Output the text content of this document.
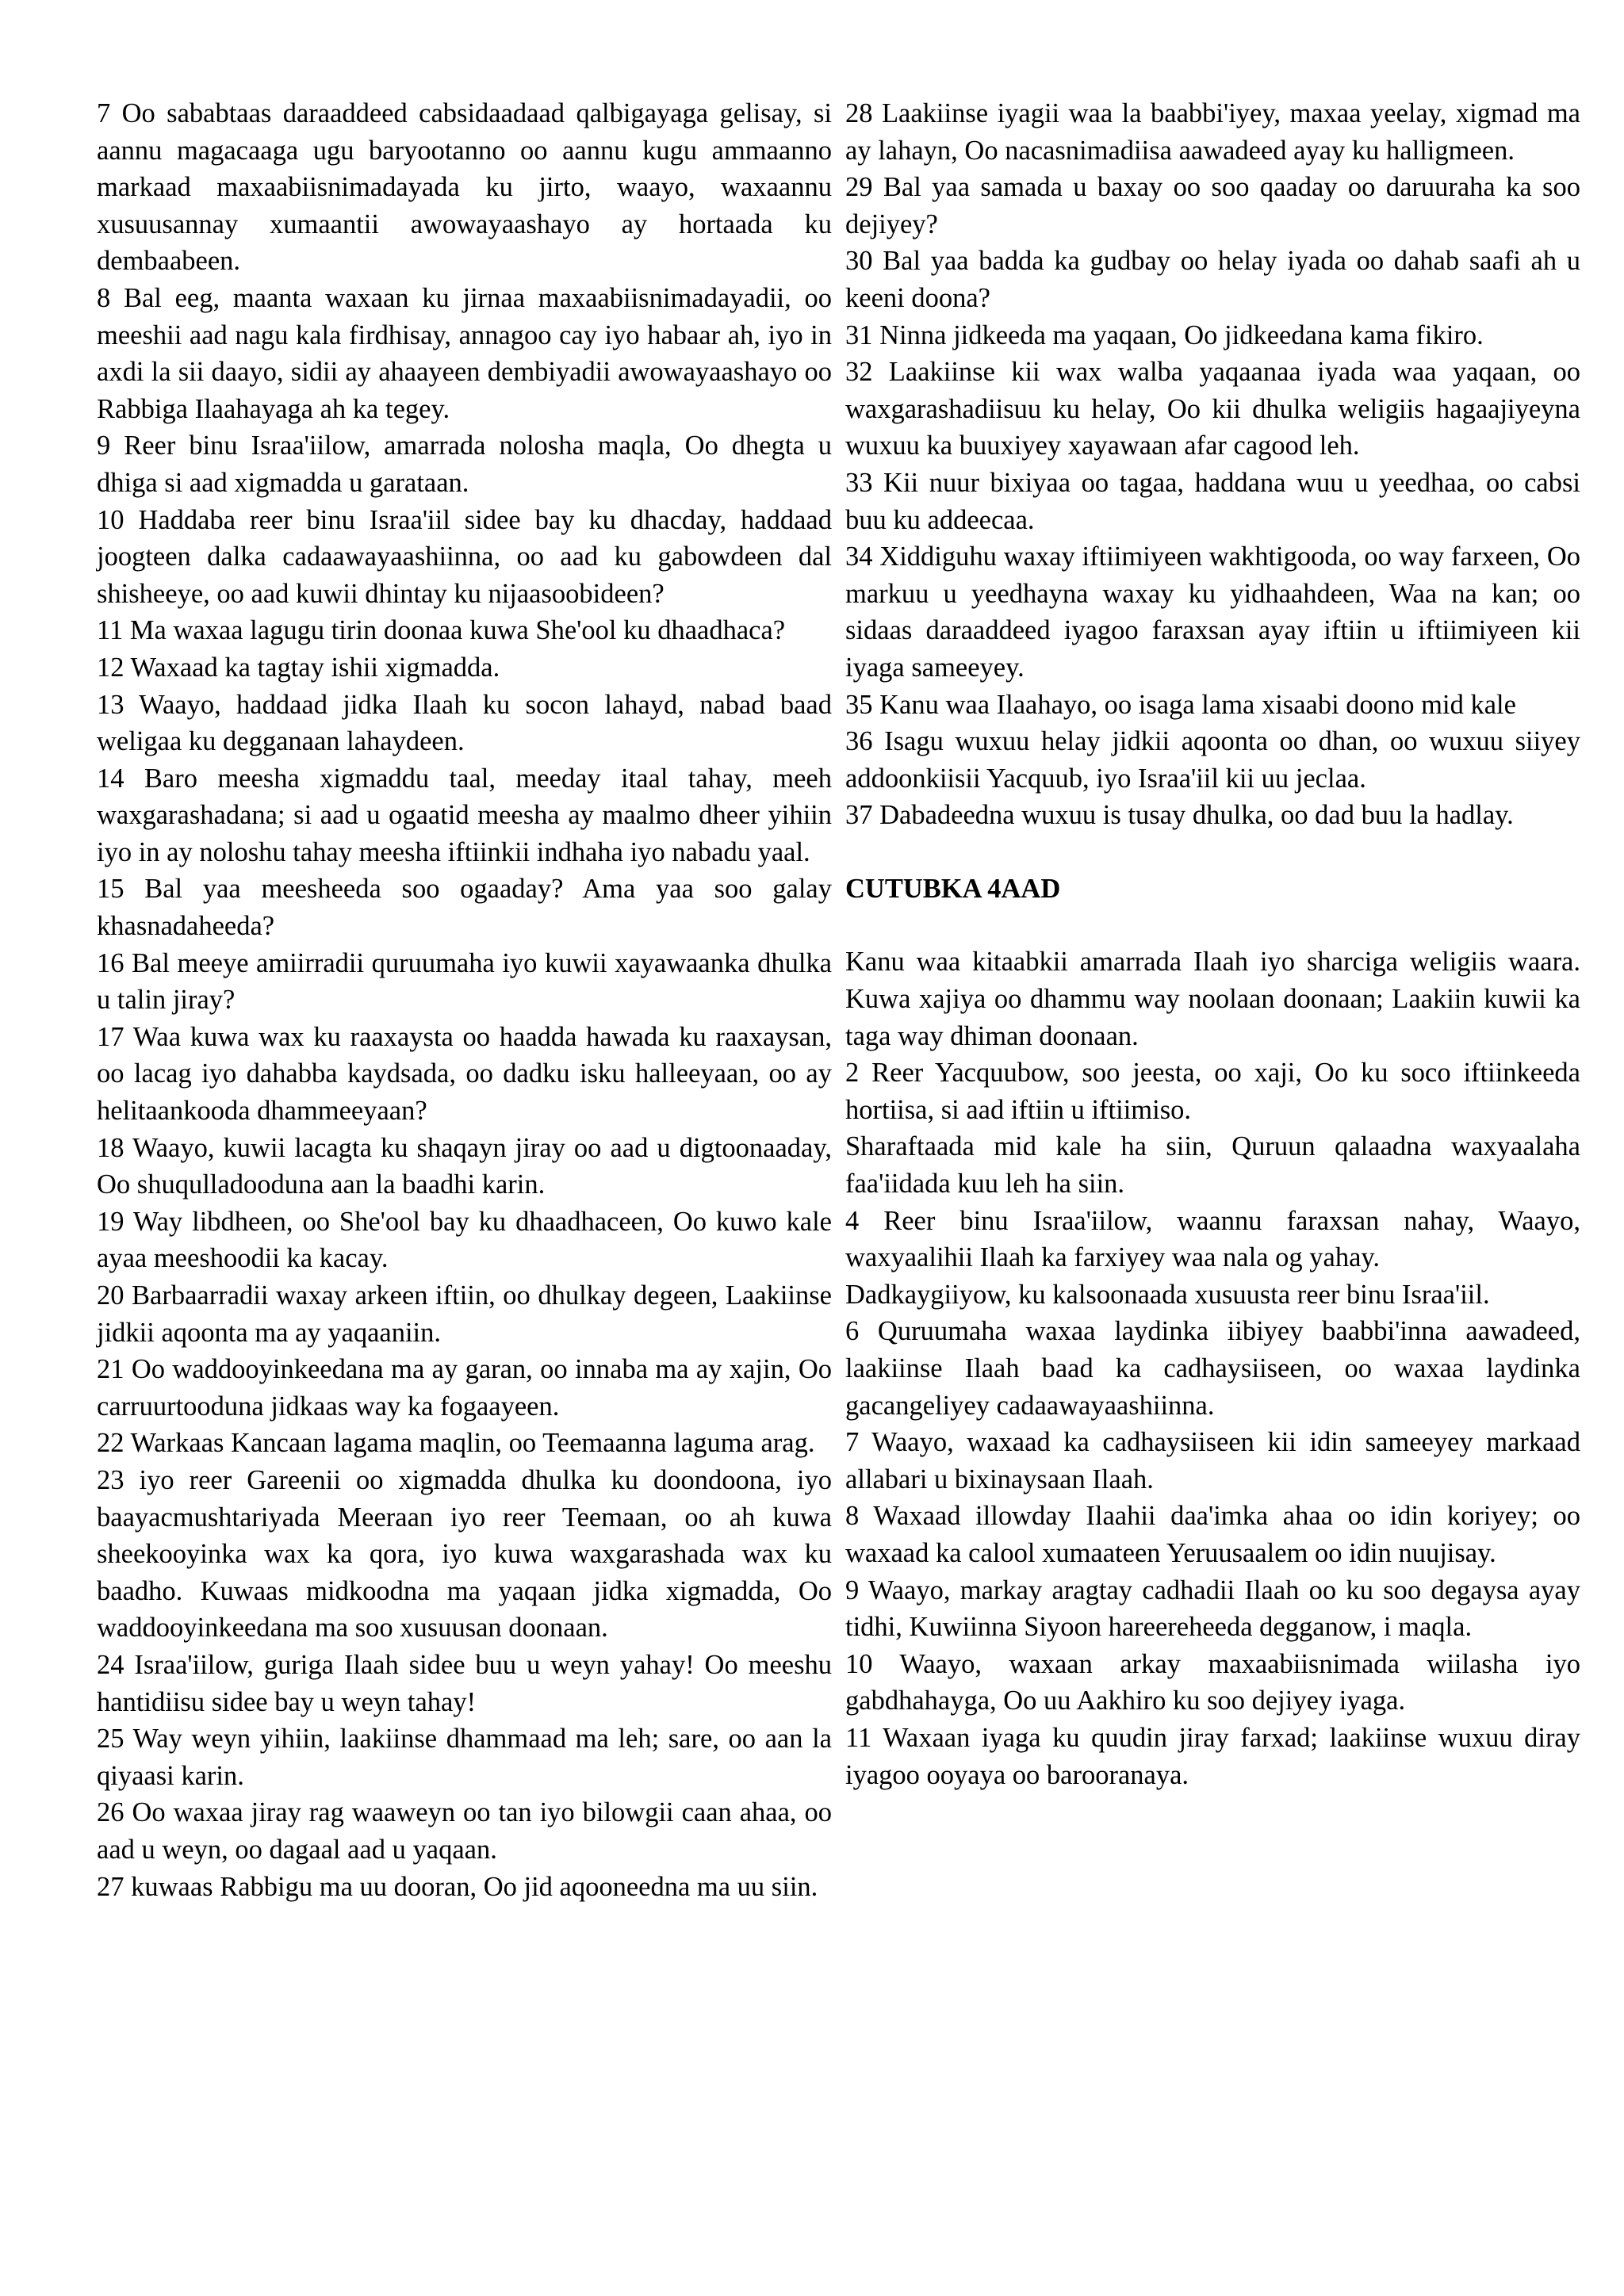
7 Oo sababtaas daraaddeed cabsidaadaad qalbigayaga gelisay, si aannu magacaaga ugu baryootanno oo aannu kugu ammaanno markaad maxaabiisnimadayada ku jirto, waayo, waxaannu xusuusannay xumaantii awowayaashayo ay hortaada ku dembaabeen.

8 Bal eeg, maanta waxaan ku jirnaa maxaabiisnimadayadii, oo meeshii aad nagu kala firdhisay, annagoo cay iyo habaar ah, iyo in axdi la sii daayo, sidii ay ahaayeen dembiyadii awowayaashayo oo Rabbiga Ilaahayaga ah ka tegey.

9 Reer binu Israa'iilow, amarrada nolosha maqla, Oo dhegta u dhiga si aad xigmadda u garataan.

10 Haddaba reer binu Israa'iil sidee bay ku dhacday, haddaad joogteen dalka cadaawayaashiinna, oo aad ku gabowdeen dal shisheeye, oo aad kuwii dhintay ku nijaasoobideen?

11 Ma waxaa lagugu tirin doonaa kuwa She'ool ku dhaadhaca?

12 Waxaad ka tagtay ishii xigmadda.

13 Waayo, haddaad jidka Ilaah ku socon lahayd, nabad baad weligaa ku degganaan lahaydeen.

14 Baro meesha xigmaddu taal, meeday itaal tahay, meeh waxgarashadana; si aad u ogaatid meesha ay maalmo dheer yihiin iyo in ay noloshu tahay meesha iftiinkii indhaha iyo nabadu yaal.

15 Bal yaa meesheeda soo ogaaday? Ama yaa soo galay khasnadaheeda?

16 Bal meeye amiirradii quruumaha iyo kuwii xayawaanka dhulka u talin jiray?

17 Waa kuwa wax ku raaxaysta oo haadda hawada ku raaxaysan, oo lacag iyo dahabba kaydsada, oo dadku isku halleeyaan, oo ay helitaankooda dhammeeyaan?

18 Waayo, kuwii lacagta ku shaqayn jiray oo aad u digtoonaaday, Oo shuqulladooduna aan la baadhi karin.

19 Way libdheen, oo She'ool bay ku dhaadhaceen, Oo kuwo kale ayaa meeshoodii ka kacay.

20 Barbaarradii waxay arkeen iftiin, oo dhulkay degeen, Laakiinse jidkii aqoonta ma ay yaqaaniin.

21 Oo waddooyinkeedana ma ay garan, oo innaba ma ay xajin, Oo carruurtooduna jidkaas way ka fogaayeen.

22 Warkaas Kancaan lagama maqlin, oo Teemaanna laguma arag.

23 iyo reer Gareenii oo xigmadda dhulka ku doondoona, iyo baayacmushtariyada Meeraan iyo reer Teemaan, oo ah kuwa sheekooyinka wax ka qora, iyo kuwa waxgarashada wax ku baadho. Kuwaas midkoodna ma yaqaan jidka xigmadda, Oo waddooyinkeedana ma soo xusuusan doonaan.

24 Israa'iilow, guriga Ilaah sidee buu u weyn yahay! Oo meeshu hantidiisu sidee bay u weyn tahay!

25 Way weyn yihiin, laakiinse dhammaad ma leh; sare, oo aan la qiyaasi karin.

26 Oo waxaa jiray rag waaweyn oo tan iyo bilowgii caan ahaa, oo aad u weyn, oo dagaal aad u yaqaan.

27 kuwaas Rabbigu ma uu dooran, Oo jid aqooneedna ma uu siin.

28 Laakiinse iyagii waa la baabbi'iyey, maxaa yeelay, xigmad ma ay lahayn, Oo nacasnimadiisa aawadeed ayay ku halligmeen.

29 Bal yaa samada u baxay oo soo qaaday oo daruuraha ka soo dejiyey?

30 Bal yaa badda ka gudbay oo helay iyada oo dahab saafi ah u keeni doona?

31 Ninna jidkeeda ma yaqaan, Oo jidkeedana kama fikiro.

32 Laakiinse kii wax walba yaqaanaa iyada waa yaqaan, oo waxgarashadiisuu ku helay, Oo kii dhulka weligiis hagaajiyeyna wuxuu ka buuxiyey xayawaan afar cagood leh.

33 Kii nuur bixiyaa oo tagaa, haddana wuu u yeedhaa, oo cabsi buu ku addeecaa.

34 Xiddiguhu waxay iftiimiyeen wakhtigooda, oo way farxeen, Oo markuu u yeedhayna waxay ku yidhaahdeen, Waa na kan; oo sidaas daraaddeed iyagoo faraxsan ayay iftiin u iftiimiyeen kii iyaga sameeyey.

35 Kanu waa Ilaahayo, oo isaga lama xisaabi doono mid kale

36 Isagu wuxuu helay jidkii aqoonta oo dhan, oo wuxuu siiyey addoonkiisii Yacquub, iyo Israa'iil kii uu jeclaa.

37 Dabadeedna wuxuu is tusay dhulka, oo dad buu la hadlay.

CUTUBKA 4AAD

Kanu waa kitaabkii amarrada Ilaah iyo sharciga weligiis waara. Kuwa xajiya oo dhammu way noolaan doonaan; Laakiin kuwii ka taga way dhiman doonaan.

2 Reer Yacquubow, soo jeesta, oo xaji, Oo ku soco iftiinkeeda hortiisa, si aad iftiin u iftiimiso.

Sharaftaada mid kale ha siin, Quruun qalaadna waxyaalaha faa'iidada kuu leh ha siin.

4 Reer binu Israa'iilow, waannu faraxsan nahay, Waayo, waxyaalihii Ilaah ka farxiyey waa nala og yahay.

Dadkaygiiyow, ku kalsoonaada xusuusta reer binu Israa'iil.

6 Quruumaha waxaa laydinka iibiyey baabbi'inna aawadeed, laakiinse Ilaah baad ka cadhaysiiseen, oo waxaa laydinka gacangeliyey cadaawayaashiinna.

7 Waayo, waxaad ka cadhaysiiseen kii idin sameeyey markaad allabari u bixinaysaan Ilaah.

8 Waxaad illowday Ilaahii daa'imka ahaa oo idin koriyey; oo waxaad ka calool xumaateen Yeruusaalem oo idin nuujisay.

9 Waayo, markay aragtay cadhadii Ilaah oo ku soo degaysa ayay tidhi, Kuwiinna Siyoon hareereheeda degganow, i maqla.

10 Waayo, waxaan arkay maxaabiisnimada wiilasha iyo gabdhahayga, Oo uu Aakhiro ku soo dejiyey iyaga.

11 Waxaan iyaga ku quudin jiray farxad; laakiinse wuxuu diray iyagoo ooyaya oo barooranaya.
